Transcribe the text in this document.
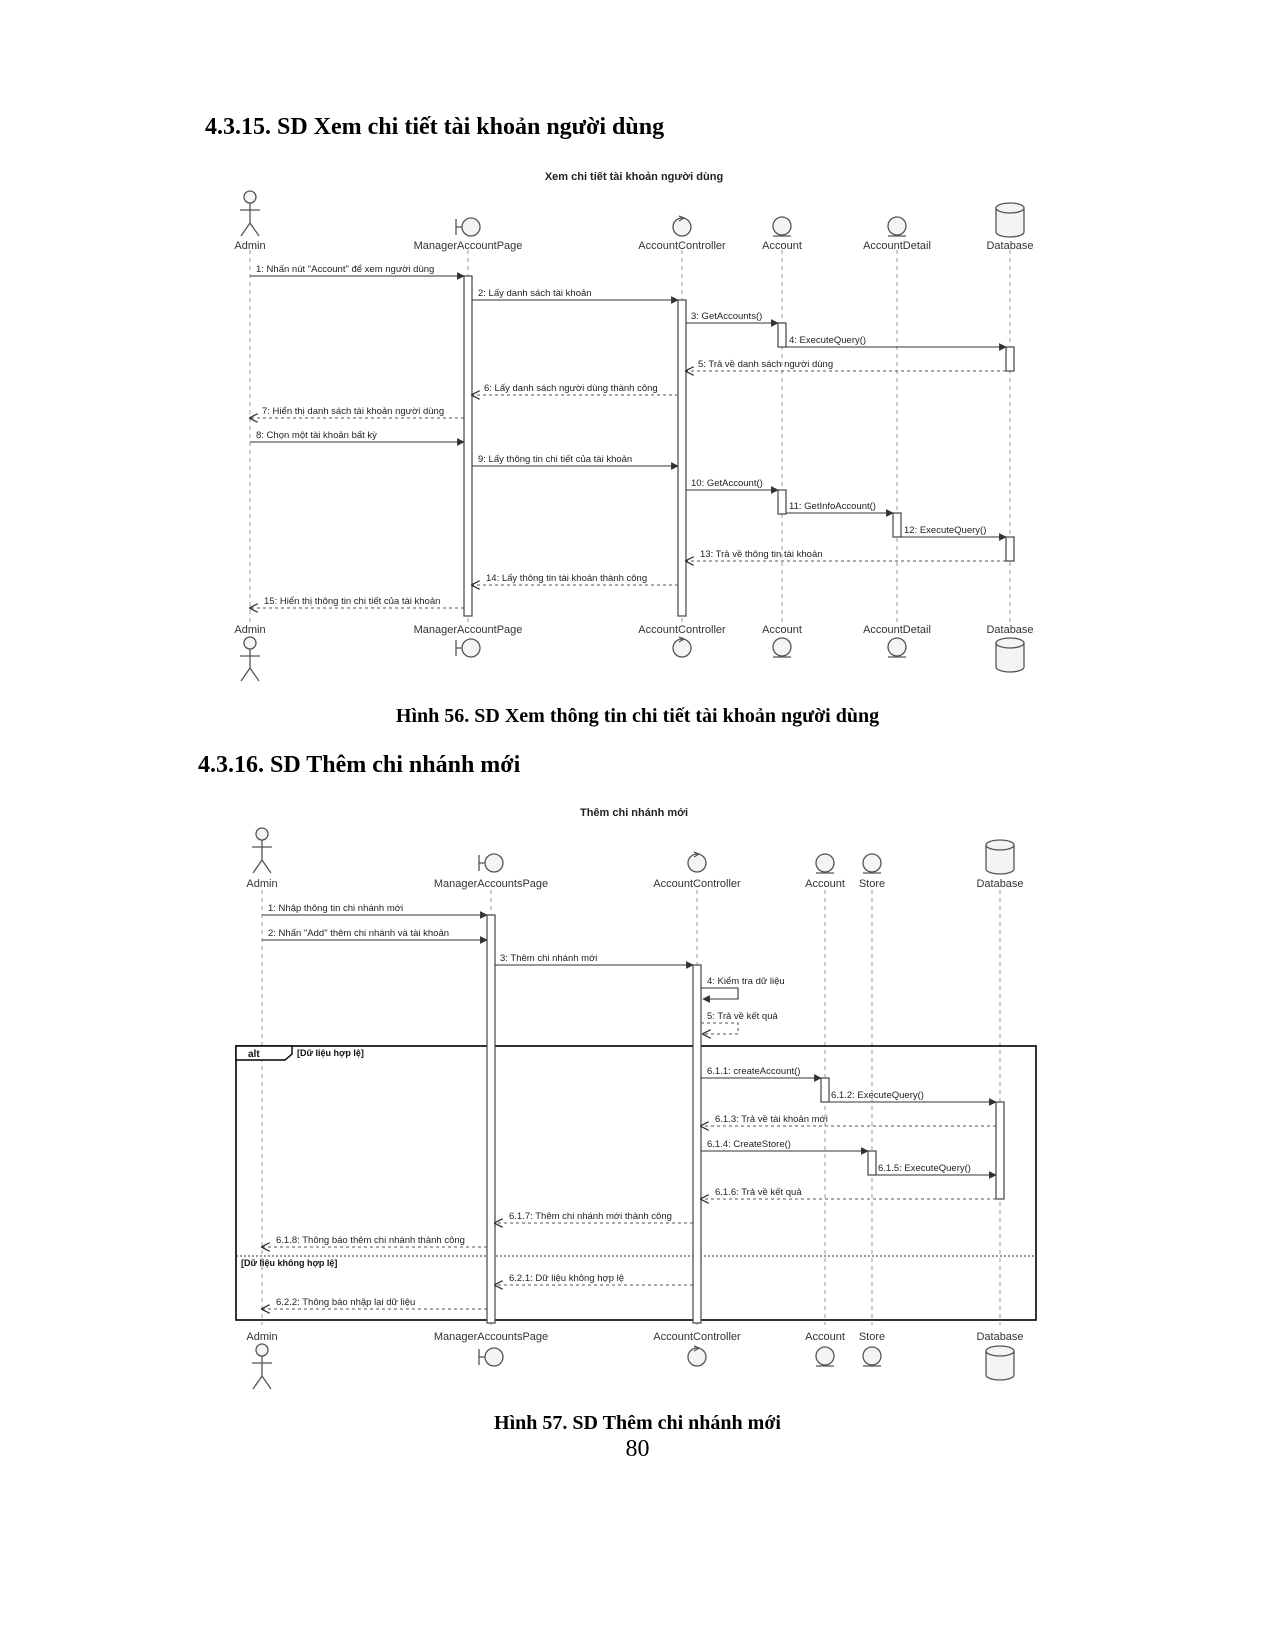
4.3.15. SD Xem chi tiết tài khoản người dùng
Xem chi tiết tài khoản người dùng
Admin	ManagerAccountPage	AccountController	Account	AccountDetail	Database
1: Nhấn nút "Account" để xem người dùng
2: Lấy danh sách tài khoản
3: GetAccounts()
4: ExecuteQuery()
5: Trả về danh sách người dùng
6: Lấy danh sách người dùng thành công
7: Hiển thị danh sách tài khoản người dùng
8: Chọn một tài khoản bất kỳ
9: Lấy thông tin chi tiết của tài khoản
10: GetAccount()
11: GetInfoAccount()
12: ExecuteQuery()
13: Trả về thông tin tài khoản
14: Lấy thông tin tài khoản thành công
15: Hiển thị thông tin chi tiết của tài khoản
Admin	ManagerAccountPage	AccountController	Account	AccountDetail	Database
Hình 56. SD Xem thông tin chi tiết tài khoản người dùng
4.3.16. SD Thêm chi nhánh mới
Thêm chi nhánh mới
Admin	ManagerAccountsPage	AccountController	Account Store	Database
alt	[Dữ liệu hợp lệ]
[Dữ liệu không hợp lệ]
1: Nhập thông tin chi nhánh mới
2: Nhấn "Add" thêm chi nhánh và tài khoản
3: Thêm chi nhánh mới
4: Kiểm tra dữ liệu
5: Trả về kết quả
6.1.1: createAccount()
6.1.2: ExecuteQuery()
6.1.3: Trả về tài khoản mới
6.1.4: CreateStore()
6.1.5: ExecuteQuery()
6.1.6: Trả về kết quả
6.1.7: Thêm chi nhánh mới thành công
6.1.8: Thông báo thêm chi nhánh thành công
6.2.1: Dữ liệu không hợp lệ
6.2.2: Thông báo nhập lại dữ liệu
Admin	ManagerAccountsPage	AccountController	Account Store	Database
Hình 57. SD Thêm chi nhánh mới
80
